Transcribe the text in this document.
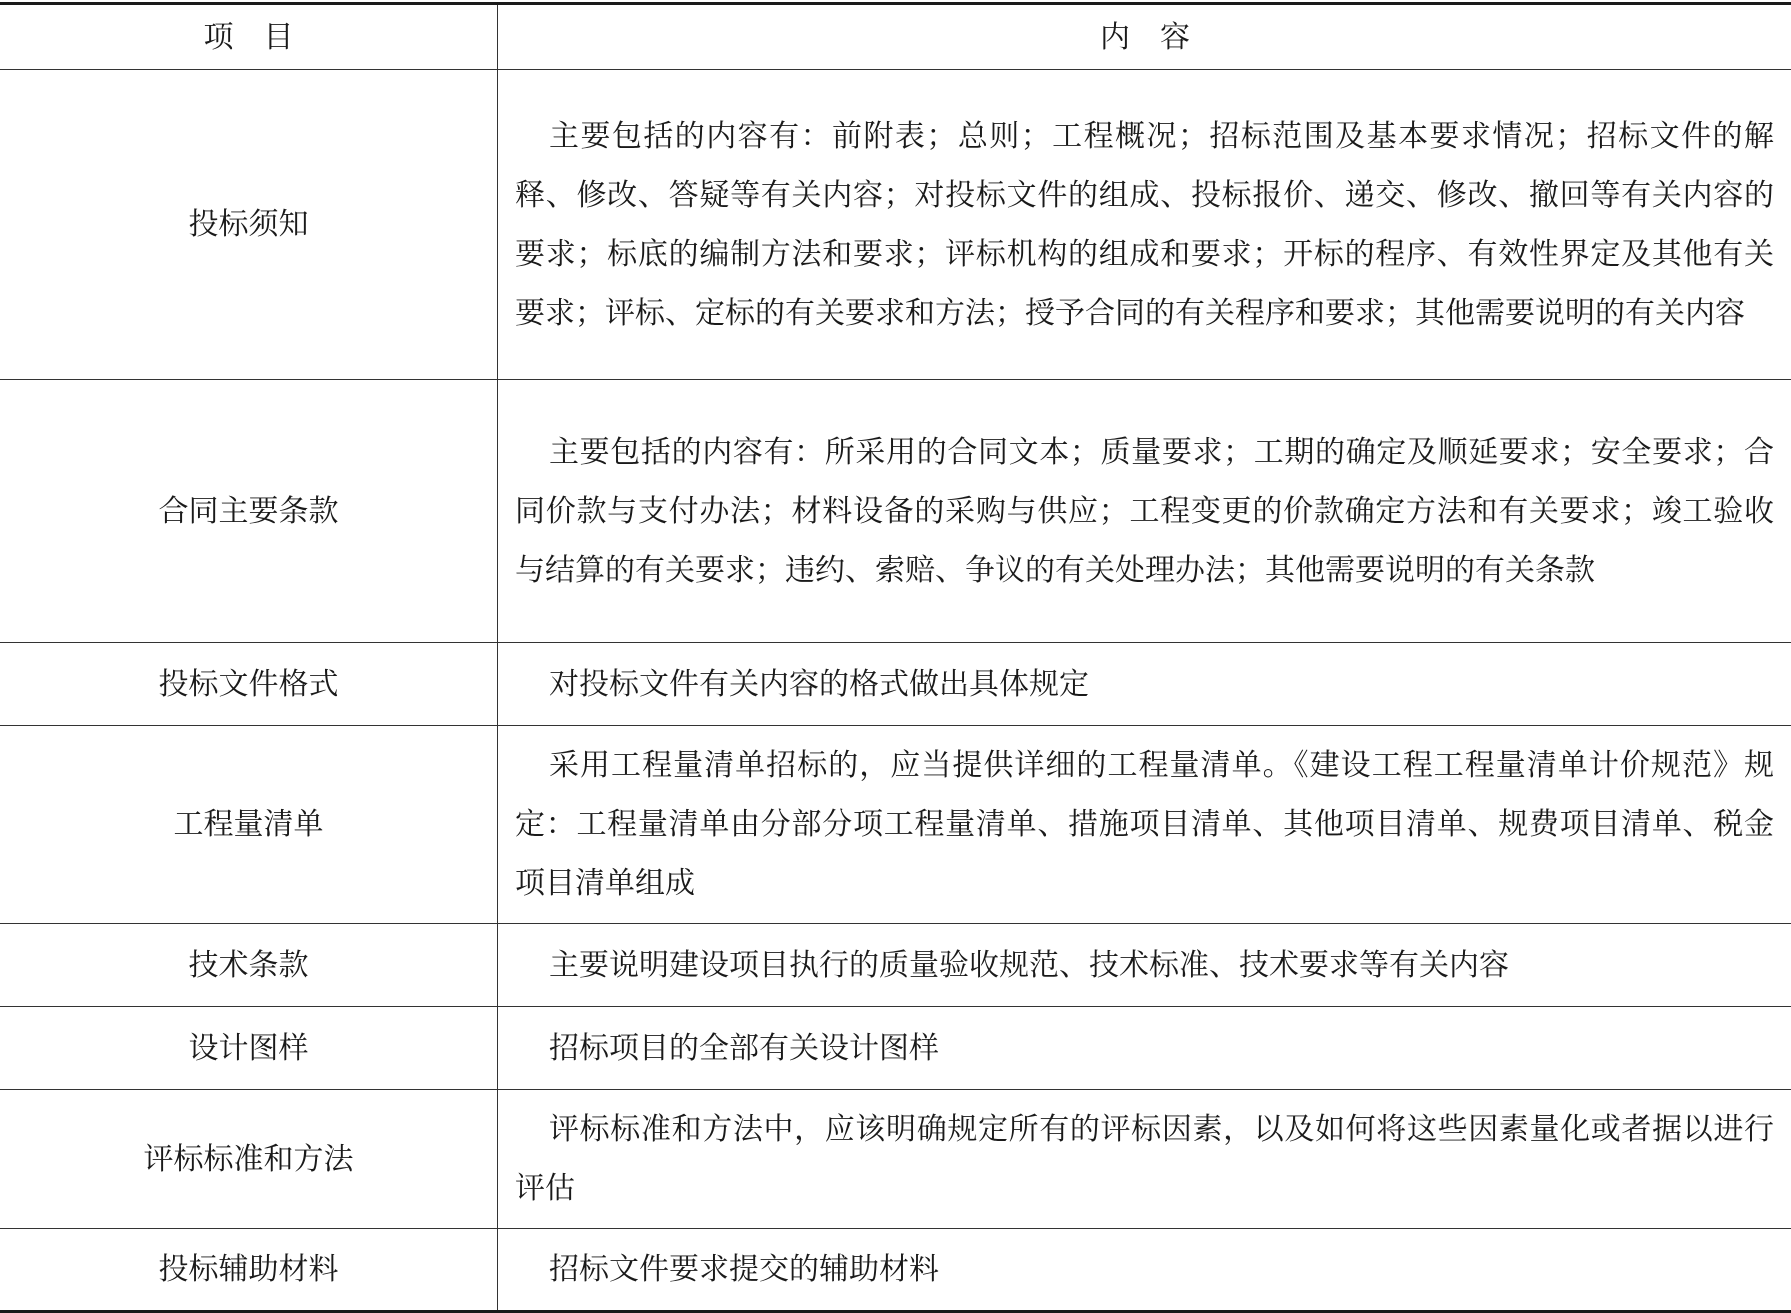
项　目	内　容
投标须知	主要包括的内容有：前附表；总则；工程概况；招标范围及基本要求情况；招标文件的解释、修改、答疑等有关内容；对投标文件的组成、投标报价、递交、修改、撤回等有关内容的要求；标底的编制方法和要求；评标机构的组成和要求；开标的程序、有效性界定及其他有关要求；评标、定标的有关要求和方法；授予合同的有关程序和要求；其他需要说明的有关内容

合同主要条款	主要包括的内容有：所采用的合同文本；质量要求；工期的确定及顺延要求；安全要求；合同价款与支付办法；材料设备的采购与供应；工程变更的价款确定方法和有关要求；竣工验收与结算的有关要求；违约、索赔、争议的有关处理办法；其他需要说明的有关条款

投标文件格式	对投标文件有关内容的格式做出具体规定

工程量清单	采用工程量清单招标的，应当提供详细的工程量清单。《建设工程工程量清单计价规范》规定：工程量清单由分部分项工程量清单、措施项目清单、其他项目清单、规费项目清单、税金项目清单组成

技术条款	主要说明建设项目执行的质量验收规范、技术标准、技术要求等有关内容

设计图样	招标项目的全部有关设计图样

评标标准和方法	评标标准和方法中，应该明确规定所有的评标因素，以及如何将这些因素量化或者据以进行评估

投标辅助材料	招标文件要求提交的辅助材料
